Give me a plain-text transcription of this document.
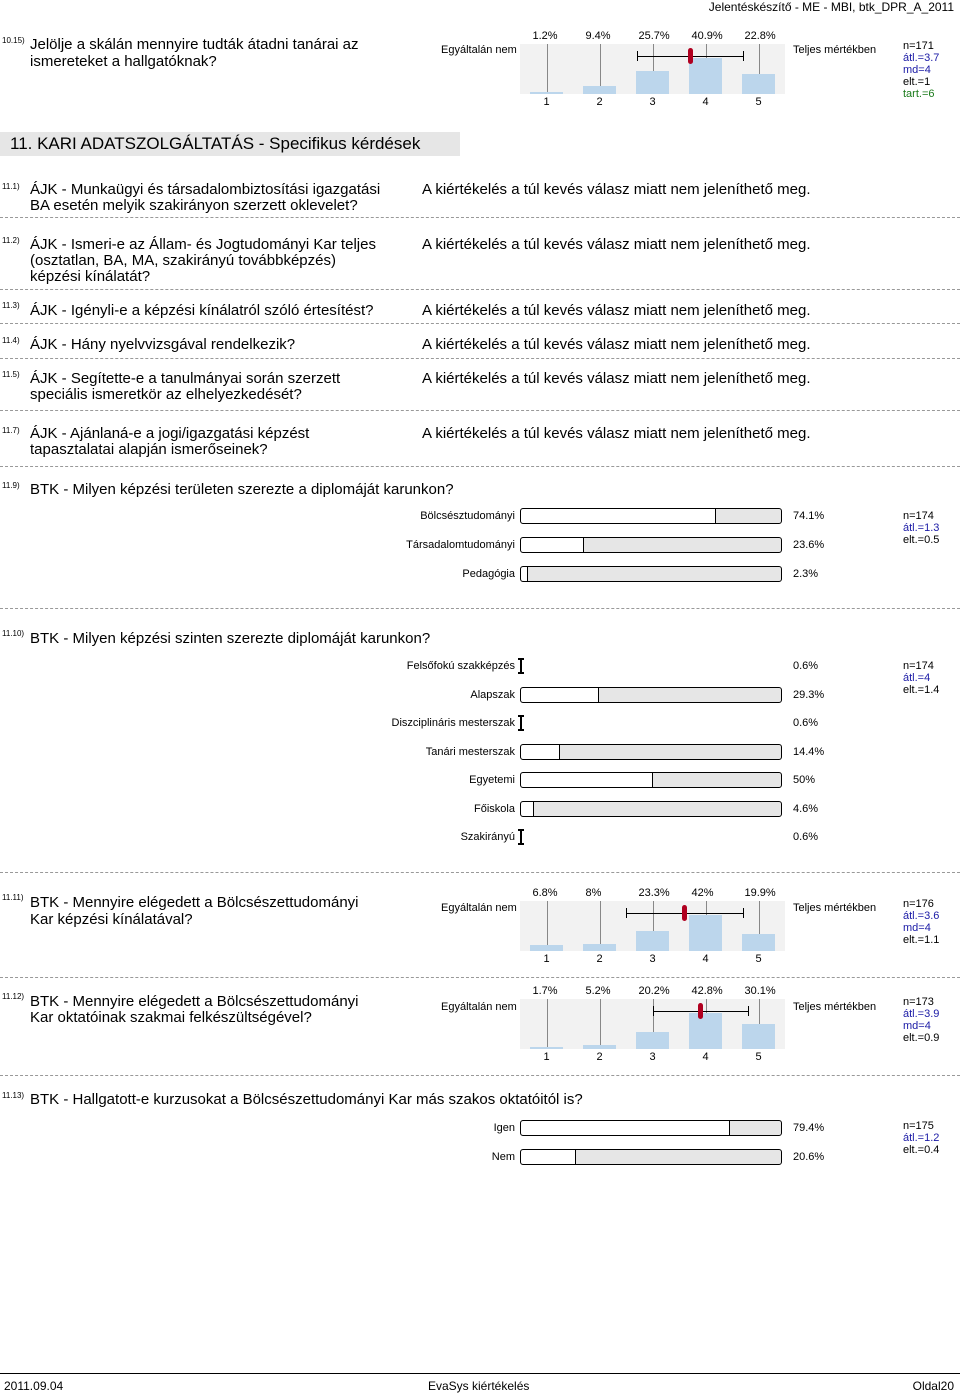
Jelentéskészítő - ME - MBI, btk_DPR_A_2011
10.15) Jelölje a skálán mennyire tudták átadni tanárai az
ismereteket a hallgatóknak?
Egyáltalán nem	Teljes mértékben
1.2%	9.4%	25.7% 40.9% 22.8%
1	2	3	4	5
n=171
átl.=3.7
md=4
elt.=1
tart.=6
11. KARI ADATSZOLGÁLTATÁS - Specifikus kérdések
11.1) ÁJK - Munkaügyi és társadalombiztosítási igazgatási
BA esetén melyik szakirányon szerzett oklevelet?
A kiértékelés a túl kevés válasz miatt nem jeleníthető meg.
11.2) ÁJK - Ismeri-e az Állam- és Jogtudományi Kar teljes
(osztatlan, BA, MA, szakirányú továbbképzés)
képzési kínálatát?
A kiértékelés a túl kevés válasz miatt nem jeleníthető meg.
11.3) ÁJK - Igényli-e a képzési kínálatról szóló értesítést?	A kiértékelés a túl kevés válasz miatt nem jeleníthető meg.
11.4) ÁJK - Hány nyelvvizsgával rendelkezik?	A kiértékelés a túl kevés válasz miatt nem jeleníthető meg.
11.5) ÁJK - Segítette-e a tanulmányai során szerzett
speciális ismeretkör az elhelyezkedését?
A kiértékelés a túl kevés válasz miatt nem jeleníthető meg.
11.7) ÁJK - Ajánlaná-e a jogi/igazgatási képzést
tapasztalatai alapján ismerőseinek?
A kiértékelés a túl kevés válasz miatt nem jeleníthető meg.
11.9) BTK - Milyen képzési területen szerezte a diplomáját karunkon?
Bölcsésztudományi	74.1%
Társadalomtudományi	23.6%
Pedagógia	2.3%
n=174
átl.=1.3
elt.=0.5
11.10) BTK - Milyen képzési szinten szerezte diplomáját karunkon?
Felsőfokú szakképzés	0.6%
Alapszak	29.3%
Diszciplináris mesterszak	0.6%
Tanári mesterszak	14.4%
Egyetemi	50%
Főiskola	4.6%
Szakirányú	0.6%
n=174
átl.=4
elt.=1.4
11.11) BTK - Mennyire elégedett a Bölcsészettudományi
Kar képzési kínálatával?
Egyáltalán nem	Teljes mértékben
6.8%	8%	23.3% 42%	19.9%
1	2	3	4	5
n=176
átl.=3.6
md=4
elt.=1.1
11.12) BTK - Mennyire elégedett a Bölcsészettudományi
Kar oktatóinak szakmai felkészültségével?
Egyáltalán nem	Teljes mértékben
1.7%	5.2%	20.2% 42.8% 30.1%
1	2	3	4	5
n=173
átl.=3.9
md=4
elt.=0.9
11.13) BTK - Hallgatott-e kurzusokat a Bölcsészettudományi Kar más szakos oktatóitól is?
Igen	79.4%
Nem	20.6%
n=175
átl.=1.2
elt.=0.4
2011.09.04	EvaSys kiértékelés	Oldal20
